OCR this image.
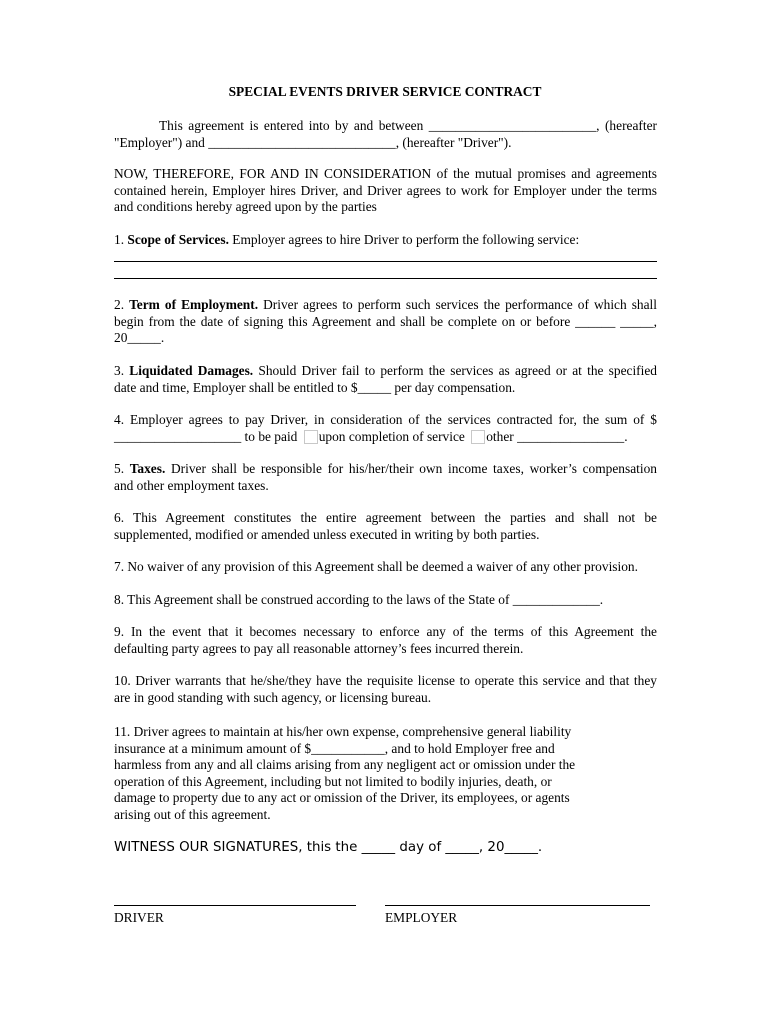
SPECIAL EVENTS DRIVER SERVICE CONTRACT
This agreement is entered into by and between _________________________, (hereafter
"Employer") and ____________________________, (hereafter "Driver").
NOW, THEREFORE, FOR AND IN CONSIDERATION of the mutual promises and agreements
contained herein, Employer hires Driver, and Driver agrees to work for Employer under the terms
and conditions hereby agreed upon by the parties
1. Scope of Services. Employer agrees to hire Driver to perform the following service:
2. Term of Employment. Driver agrees to perform such services the performance of which shall
begin from the date of signing this Agreement and shall be complete on or before ______ _____,
20_____.
3. Liquidated Damages. Should Driver fail to perform the services as agreed or at the specified
date and time, Employer shall be entitled to $_____ per day compensation.
4. Employer agrees to pay Driver, in consideration of the services contracted for, the sum of $
___________________ to be paid upon completion of service other ________________.
5. Taxes. Driver shall be responsible for his/her/their own income taxes, worker’s compensation
and other employment taxes.
6. This Agreement constitutes the entire agreement between the parties and shall not be
supplemented, modified or amended unless executed in writing by both parties.
7. No waiver of any provision of this Agreement shall be deemed a waiver of any other provision.
8. This Agreement shall be construed according to the laws of the State of _____________.
9. In the event that it becomes necessary to enforce any of the terms of this Agreement the
defaulting party agrees to pay all reasonable attorney’s fees incurred therein.
10. Driver warrants that he/she/they have the requisite license to operate this service and that they
are in good standing with such agency, or licensing bureau.
11. Driver agrees to maintain at his/her own expense, comprehensive general liability
insurance at a minimum amount of $___________, and to hold Employer free and
harmless from any and all claims arising from any negligent act or omission under the
operation of this Agreement, including but not limited to bodily injuries, death, or
damage to property due to any act or omission of the Driver, its employees, or agents
arising out of this agreement.
WITNESS OUR SIGNATURES, this the _____ day of _____, 20_____.
DRIVER	EMPLOYER
